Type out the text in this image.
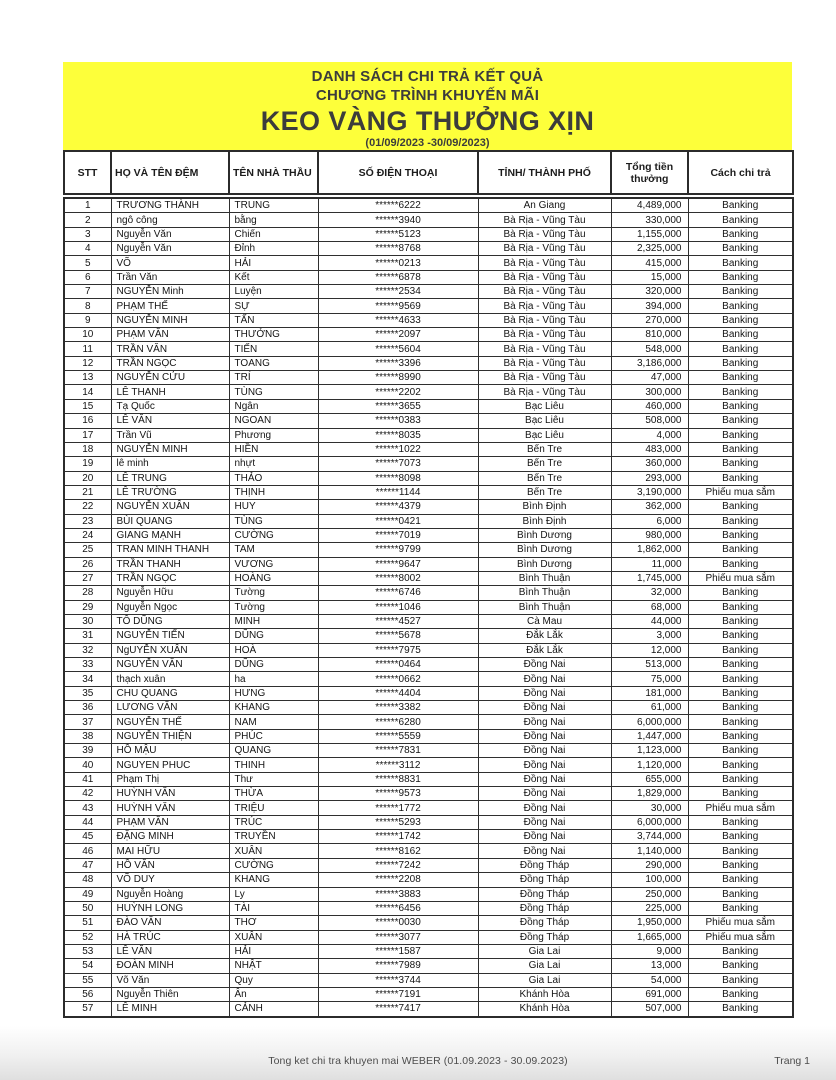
DANH SÁCH CHI TRẢ KẾT QUẢ
CHƯƠNG TRÌNH KHUYẾN MÃI
KEO VÀNG THƯỞNG XỊN
(01/09/2023 -30/09/2023)
STT	HỌ VÀ TÊN ĐỆM	TÊN NHÀ THẦU	SỐ ĐIỆN THOẠI	TỈNH/ THÀNH PHỐ	Tổng tiền thưởng	Cách chi trả
1	TRƯƠNG THÀNH	TRUNG	******6222	An Giang	4,489,000	Banking
2	ngô công	bằng	******3940	Bà Rịa - Vũng Tàu	330,000	Banking
3	Nguyễn Văn	Chiến	******5123	Bà Rịa - Vũng Tàu	1,155,000	Banking
4	Nguyễn Văn	Đỉnh	******8768	Bà Rịa - Vũng Tàu	2,325,000	Banking
5	VÕ	HẢI	******0213	Bà Rịa - Vũng Tàu	415,000	Banking
6	Trần Văn	Kết	******6878	Bà Rịa - Vũng Tàu	15,000	Banking
7	NGUYỄN Minh	Luyện	******2534	Bà Rịa - Vũng Tàu	320,000	Banking
8	PHẠM THẾ	SỰ	******9569	Bà Rịa - Vũng Tàu	394,000	Banking
9	NGUYỄN MINH	TẤN	******4633	Bà Rịa - Vũng Tàu	270,000	Banking
10	PHẠM VĂN	THƯỞNG	******2097	Bà Rịa - Vũng Tàu	810,000	Banking
11	TRẦN VĂN	TIẾN	******5604	Bà Rịa - Vũng Tàu	548,000	Banking
12	TRẦN NGỌC	TOANG	******3396	Bà Rịa - Vũng Tàu	3,186,000	Banking
13	NGUYỄN CỬU	TRÍ	******8990	Bà Rịa - Vũng Tàu	47,000	Banking
14	LÊ THANH	TÙNG	******2202	Bà Rịa - Vũng Tàu	300,000	Banking
15	Tạ Quốc	Ngân	******3655	Bạc Liêu	460,000	Banking
16	LÊ VĂN	NGOAN	******0383	Bạc Liêu	508,000	Banking
17	Trần Vũ	Phương	******8035	Bạc Liêu	4,000	Banking
18	NGUYỄN MINH	HIỀN	******1022	Bến Tre	483,000	Banking
19	lê minh	nhựt	******7073	Bến Tre	360,000	Banking
20	LÊ TRUNG	THẢO	******8098	Bến Tre	293,000	Banking
21	LÊ TRƯỜNG	THỊNH	******1144	Bến Tre	3,190,000	Phiếu mua sắm
22	NGUYỄN XUÂN	HUY	******4379	Bình Định	362,000	Banking
23	BÙI QUANG	TÙNG	******0421	Bình Định	6,000	Banking
24	GIANG MẠNH	CƯỜNG	******7019	Bình Dương	980,000	Banking
25	TRAN MINH THANH	TAM	******9799	Bình Dương	1,862,000	Banking
26	TRẦN THANH	VƯƠNG	******9647	Bình Dương	11,000	Banking
27	TRẦN NGỌC	HOÀNG	******8002	Bình Thuận	1,745,000	Phiếu mua sắm
28	Nguyễn Hữu	Tường	******6746	Bình Thuận	32,000	Banking
29	Nguyễn Ngọc	Tường	******1046	Bình Thuận	68,000	Banking
30	TÔ DŨNG	MINH	******4527	Cà Mau	44,000	Banking
31	NGUYỄN TIẾN	DŨNG	******5678	Đắk Lắk	3,000	Banking
32	NgUYỄN XUÂN	HOÀ	******7975	Đắk Lắk	12,000	Banking
33	NGUYỄN VĂN	DŨNG	******0464	Đồng Nai	513,000	Banking
34	thạch xuân	ha	******0662	Đồng Nai	75,000	Banking
35	CHU QUANG	HƯNG	******4404	Đồng Nai	181,000	Banking
36	LƯƠNG VĂN	KHANG	******3382	Đồng Nai	61,000	Banking
37	NGUYỄN THẾ	NAM	******6280	Đồng Nai	6,000,000	Banking
38	NGUYỄN THIỆN	PHÚC	******5559	Đồng Nai	1,447,000	Banking
39	HỒ MẬU	QUANG	******7831	Đồng Nai	1,123,000	Banking
40	NGUYEN PHUC	THINH	******3112	Đồng Nai	1,120,000	Banking
41	Phạm Thị	Thư	******8831	Đồng Nai	655,000	Banking
42	HUỲNH VĂN	THỪA	******9573	Đồng Nai	1,829,000	Banking
43	HUỲNH VĂN	TRIỆU	******1772	Đồng Nai	30,000	Phiếu mua sắm
44	PHẠM VĂN	TRÚC	******5293	Đồng Nai	6,000,000	Banking
45	ĐẶNG MINH	TRUYỀN	******1742	Đồng Nai	3,744,000	Banking
46	MAI HỮU	XUÂN	******8162	Đồng Nai	1,140,000	Banking
47	HỒ VĂN	CƯỜNG	******7242	Đồng Tháp	290,000	Banking
48	VÕ DUY	KHANG	******2208	Đồng Tháp	100,000	Banking
49	Nguyễn Hoàng	Ly	******3883	Đồng Tháp	250,000	Banking
50	HUỲNH LONG	TÀI	******6456	Đồng Tháp	225,000	Banking
51	ĐÀO VĂN	THƠ	******0030	Đồng Tháp	1,950,000	Phiếu mua sắm
52	HÀ TRÚC	XUÂN	******3077	Đồng Tháp	1,665,000	Phiếu mua sắm
53	LÊ VĂN	HẢI	******1587	Gia Lai	9,000	Banking
54	ĐOÀN MINH	NHẬT	******7989	Gia Lai	13,000	Banking
55	Võ Văn	Quy	******3744	Gia Lai	54,000	Banking
56	Nguyễn Thiên	Ân	******7191	Khánh Hòa	691,000	Banking
57	LÊ MINH	CẢNH	******7417	Khánh Hòa	507,000	Banking
Tong ket chi tra khuyen mai WEBER (01.09.2023 - 30.09.2023)	Trang 1
